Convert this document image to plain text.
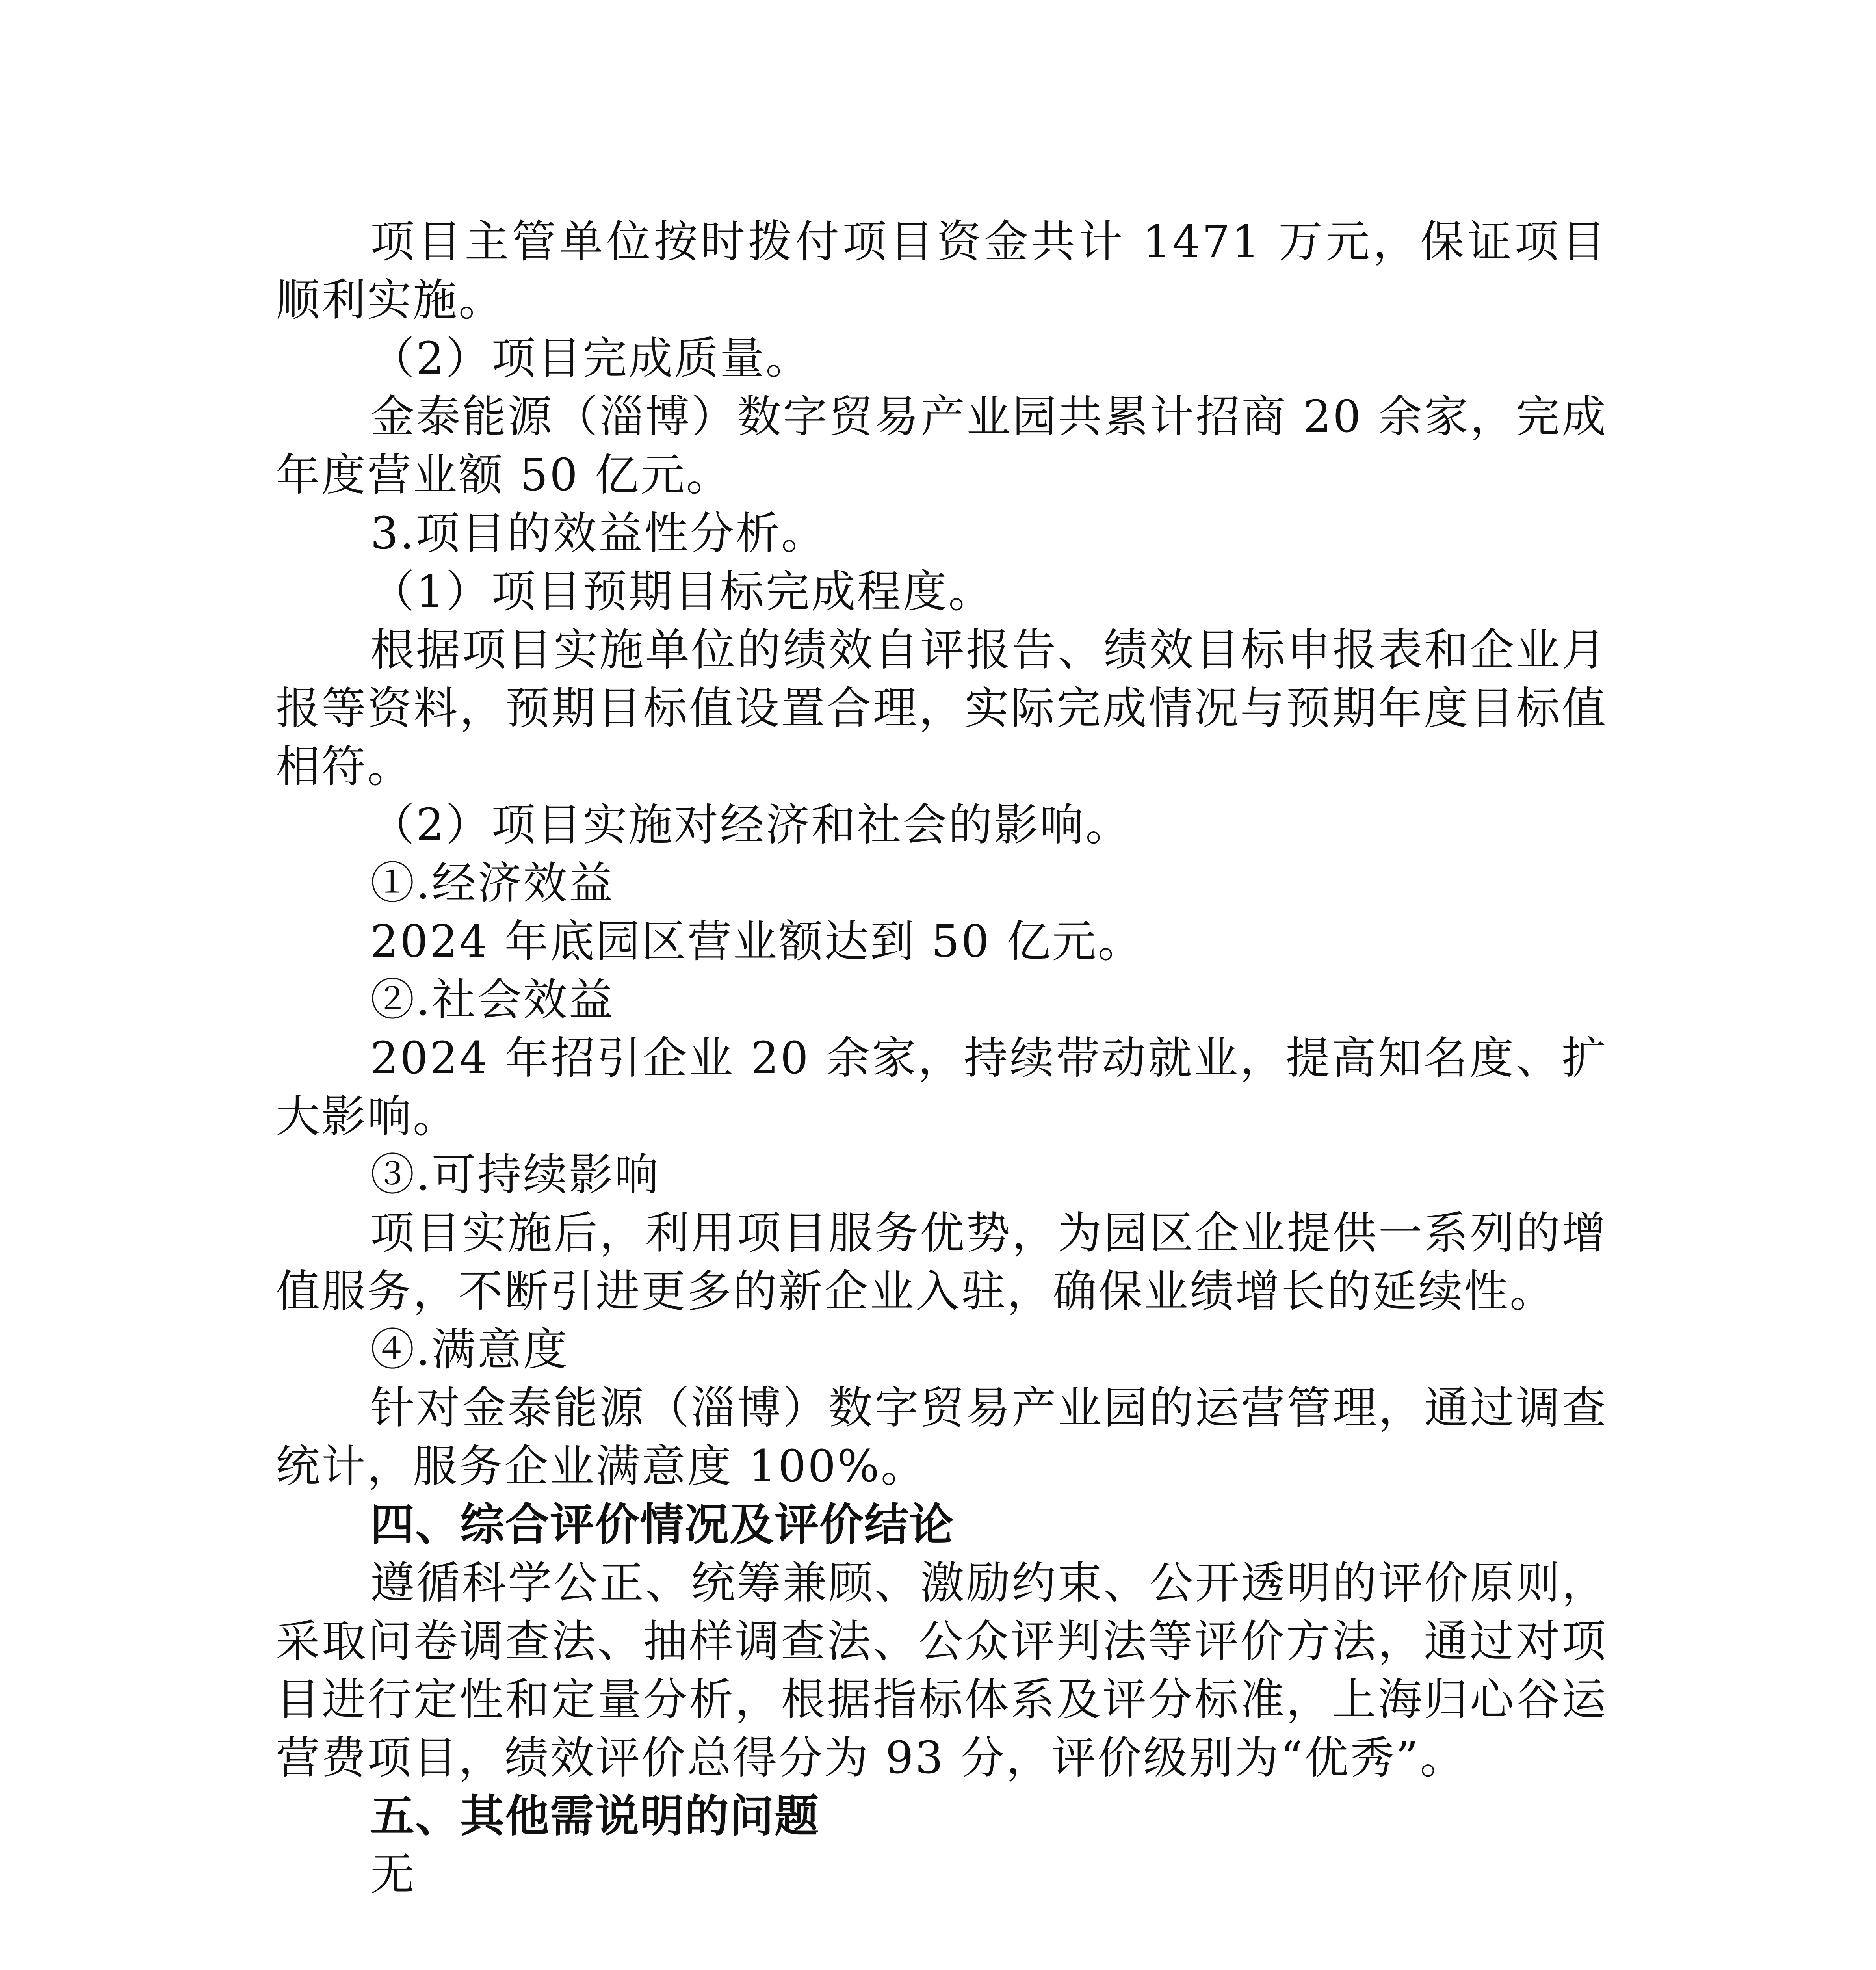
项目主管单位按时拨付项目资金共计 1471 万元，保证项目顺利实施。

（2）项目完成质量。

金泰能源（淄博）数字贸易产业园共累计招商 20 余家，完成年度营业额 50 亿元。

3.项目的效益性分析。

（1）项目预期目标完成程度。

根据项目实施单位的绩效自评报告、绩效目标申报表和企业月报等资料，预期目标值设置合理，实际完成情况与预期年度目标值相符。

（2）项目实施对经济和社会的影响。

①.经济效益

2024 年底园区营业额达到 50 亿元。

②.社会效益

2024 年招引企业 20 余家，持续带动就业，提高知名度、扩大影响。

③.可持续影响

项目实施后，利用项目服务优势，为园区企业提供一系列的增值服务，不断引进更多的新企业入驻，确保业绩增长的延续性。

④.满意度

针对金泰能源（淄博）数字贸易产业园的运营管理，通过调查统计，服务企业满意度 100%。

四、综合评价情况及评价结论

遵循科学公正、统筹兼顾、激励约束、公开透明的评价原则，采取问卷调查法、抽样调查法、公众评判法等评价方法，通过对项目进行定性和定量分析，根据指标体系及评分标准，上海归心谷运营费项目，绩效评价总得分为 93 分，评价级别为“优秀”。

五、其他需说明的问题

无
